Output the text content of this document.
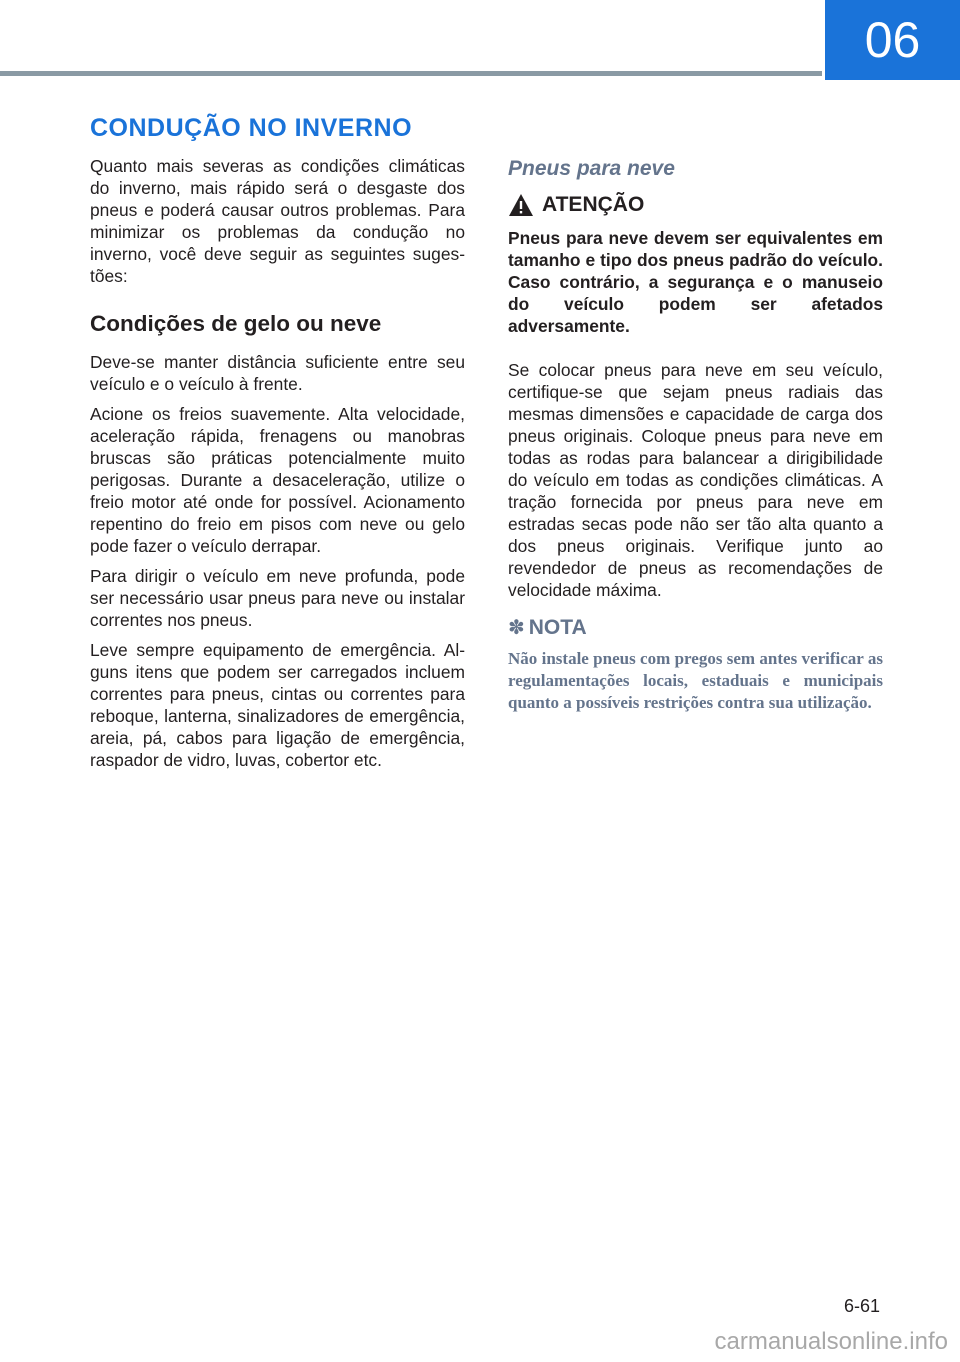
06
CONDUÇÃO NO INVERNO

Quanto mais severas as condições climáticas do inverno, mais rápido será o desgaste dos pneus e poderá causar outros problemas. Para minimizar os problemas da condução no inverno, você deve seguir as seguintes sugestões:

Condições de gelo ou neve

Deve-se manter distância suficiente entre seu veículo e o veículo à frente.

Acione os freios suavemente. Alta velocidade, aceleração rápida, frenagens ou manobras bruscas são práticas potencialmente muito perigosas. Durante a desaceleração, utilize o freio motor até onde for possível. Acionamento repentino do freio em pisos com neve ou gelo pode fazer o veículo derrapar.

Para dirigir o veículo em neve profunda, pode ser necessário usar pneus para neve ou instalar correntes nos pneus.

Leve sempre equipamento de emergência. Alguns itens que podem ser carregados incluem correntes para pneus, cintas ou correntes para reboque, lanterna, sinalizadores de emergência, areia, pá, cabos para ligação de emergência, raspador de vidro, luvas, cobertor etc.

Pneus para neve
ATENÇÃO

Pneus para neve devem ser equivalentes em tamanho e tipo dos pneus padrão do veículo. Caso contrário, a segurança e o manuseio do veículo podem ser afetados adversamente.

Se colocar pneus para neve em seu veículo, certifique-se que sejam pneus radiais das mesmas dimensões e capacidade de carga dos pneus originais. Coloque pneus para neve em todas as rodas para balancear a dirigibilidade do veículo em todas as condições climáticas. A tração fornecida por pneus para neve em estradas secas pode não ser tão alta quanto a dos pneus originais. Verifique junto ao revendedor de pneus as recomendações de velocidade máxima.

✽ NOTA

Não instale pneus com pregos sem antes verificar as regulamentações locais, estaduais e municipais quanto a possíveis restrições contra sua utilização.

6-61
carmanualsonline.info
